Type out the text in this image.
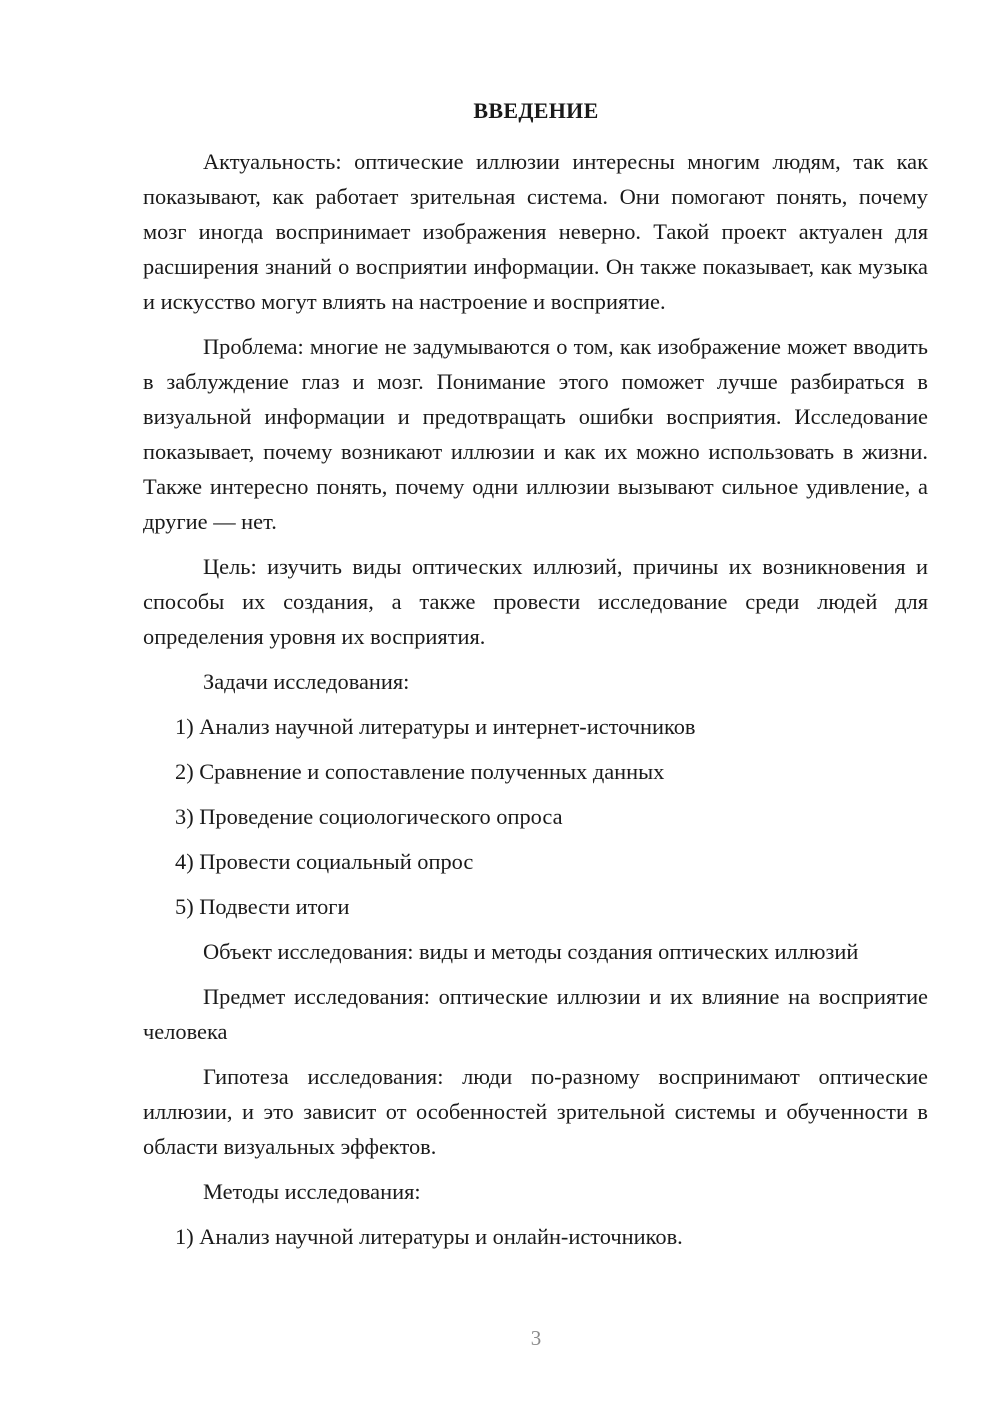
ВВЕДЕНИЕ

Актуальность: оптические иллюзии интересны многим людям, так как показывают, как работает зрительная система. Они помогают понять, почему мозг иногда воспринимает изображения неверно. Такой проект актуален для расширения знаний о восприятии информации. Он также показывает, как музыка и искусство могут влиять на настроение и восприятие.

Проблема: многие не задумываются о том, как изображение может вводить в заблуждение глаз и мозг. Понимание этого поможет лучше разбираться в визуальной информации и предотвращать ошибки восприятия. Исследование показывает, почему возникают иллюзии и как их можно использовать в жизни. Также интересно понять, почему одни иллюзии вызывают сильное удивление, а другие — нет.

Цель: изучить виды оптических иллюзий, причины их возникновения и способы их создания, а также провести исследование среди людей для определения уровня их восприятия.

Задачи исследования:

1) Анализ научной литературы и интернет-источников

2) Сравнение и сопоставление полученных данных

3) Проведение социологического опроса

4) Провести социальный опрос

5) Подвести итоги

Объект исследования: виды и методы создания оптических иллюзий

Предмет исследования: оптические иллюзии и их влияние на восприятие человека

Гипотеза исследования: люди по-разному воспринимают оптические иллюзии, и это зависит от особенностей зрительной системы и обученности в области визуальных эффектов.

Методы исследования:

1) Анализ научной литературы и онлайн-источников.

3
